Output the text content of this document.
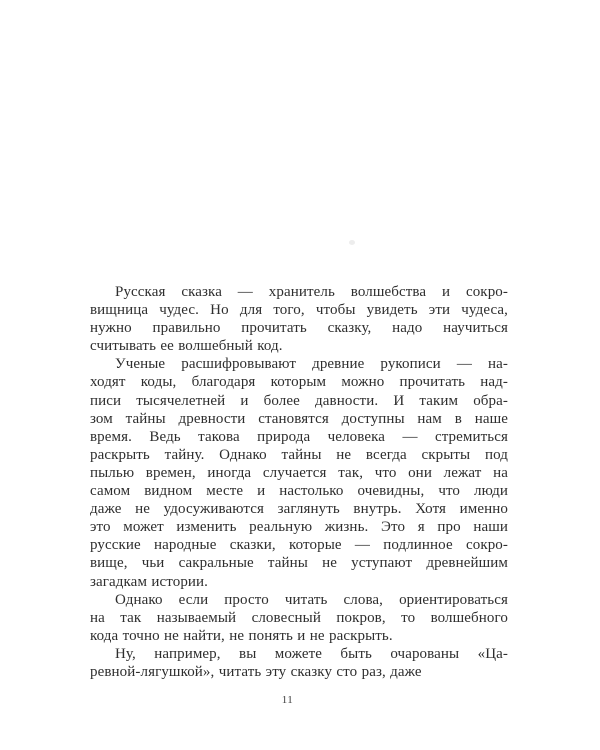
Русская сказка — хранитель волшебства и сокро-
вищница чудес. Но для того, чтобы увидеть эти чудеса,
нужно правильно прочитать сказку, надо научиться
считывать ее волшебный код.
Ученые расшифровывают древние рукописи — на-
ходят коды, благодаря которым можно прочитать над-
писи тысячелетней и более давности. И таким обра-
зом тайны древности становятся доступны нам в наше
время. Ведь такова природа человека — стремиться
раскрыть тайну. Однако тайны не всегда скрыты под
пылью времен, иногда случается так, что они лежат на
самом видном месте и настолько очевидны, что люди
даже не удосуживаются заглянуть внутрь. Хотя именно
это может изменить реальную жизнь. Это я про наши
русские народные сказки, которые — подлинное сокро-
вище, чьи сакральные тайны не уступают древнейшим
загадкам истории.
Однако если просто читать слова, ориентироваться
на так называемый словесный покров, то волшебного
кода точно не найти, не понять и не раскрыть.
Ну, например, вы можете быть очарованы «Ца-
ревной-лягушкой», читать эту сказку сто раз, даже
11
